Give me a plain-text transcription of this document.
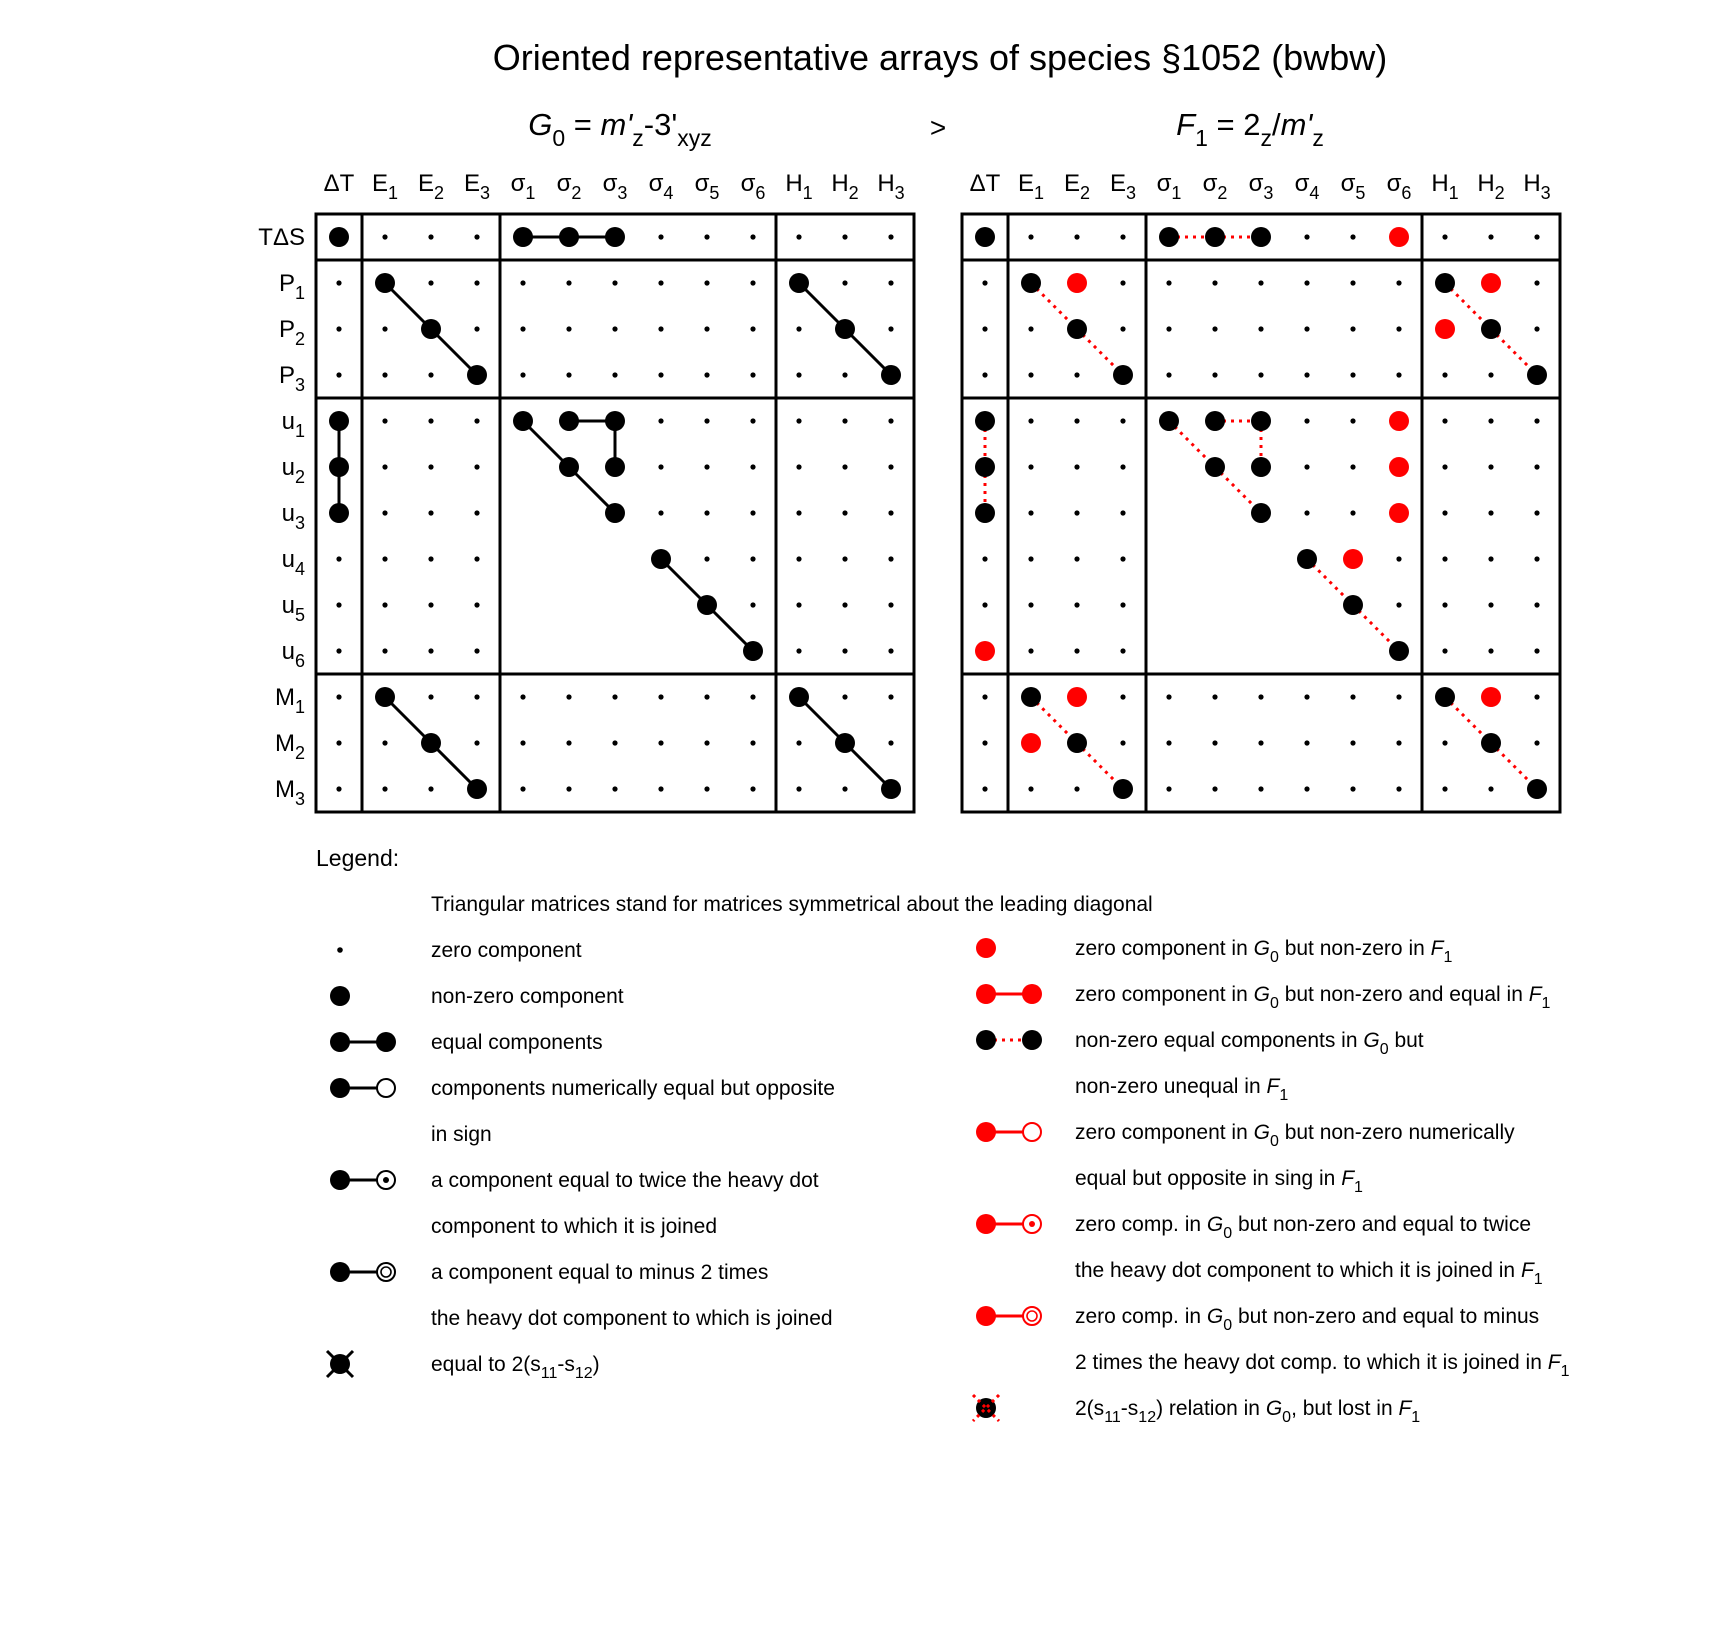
Oriented representative arrays of species §1052 (bwbw)
>
$G_0 = m'_z-3'_{xyz}$	$F_1 = 2_z/m'_z$
ΔT $E_1$ $E_2$ $E_3$ $\sigma_1$ $\sigma_2$ $\sigma_3$ $\sigma_4$ $\sigma_5$ $\sigma_6$ $H_1$ $H_2$ $H_3$
TΔS
$P_1$
$P_2$
$P_3$
$u_1$
$u_2$
$u_3$
$u_4$
$u_5$
$u_6$
$M_1$
$M_2$
$M_3$
ΔT $E_1$ $E_2$ $E_3$ $\sigma_1$ $\sigma_2$ $\sigma_3$ $\sigma_4$ $\sigma_5$ $\sigma_6$ $H_1$ $H_2$ $H_3$
Legend:
Triangular matrices stand for matrices symmetrical about the leading diagonal
zero component
non-zero component
equal components
components numerically equal but opposite
in sign
a component equal to twice the heavy dot
component to which it is joined
a component equal to minus 2 times
the heavy dot component to which is joined
equal to $2(s_{11}-s_{12})$
zero component in $G_0$ but non-zero in $F_1$
zero component in $G_0$ but non-zero and equal in $F_1$
non-zero equal components in $G_0$ but
non-zero unequal in $F_1$
zero component in $G_0$ but non-zero numerically
equal but opposite in sing in $F_1$
zero comp. in $G_0$ but non-zero and equal to twice
the heavy dot component to which it is joined in $F_1$
zero comp. in $G_0$ but non-zero and equal to minus
2 times the heavy dot comp. to which it is joined in $F_1$
$2(s_{11}-s_{12})$ relation in $G_0$, but lost in $F_1$
